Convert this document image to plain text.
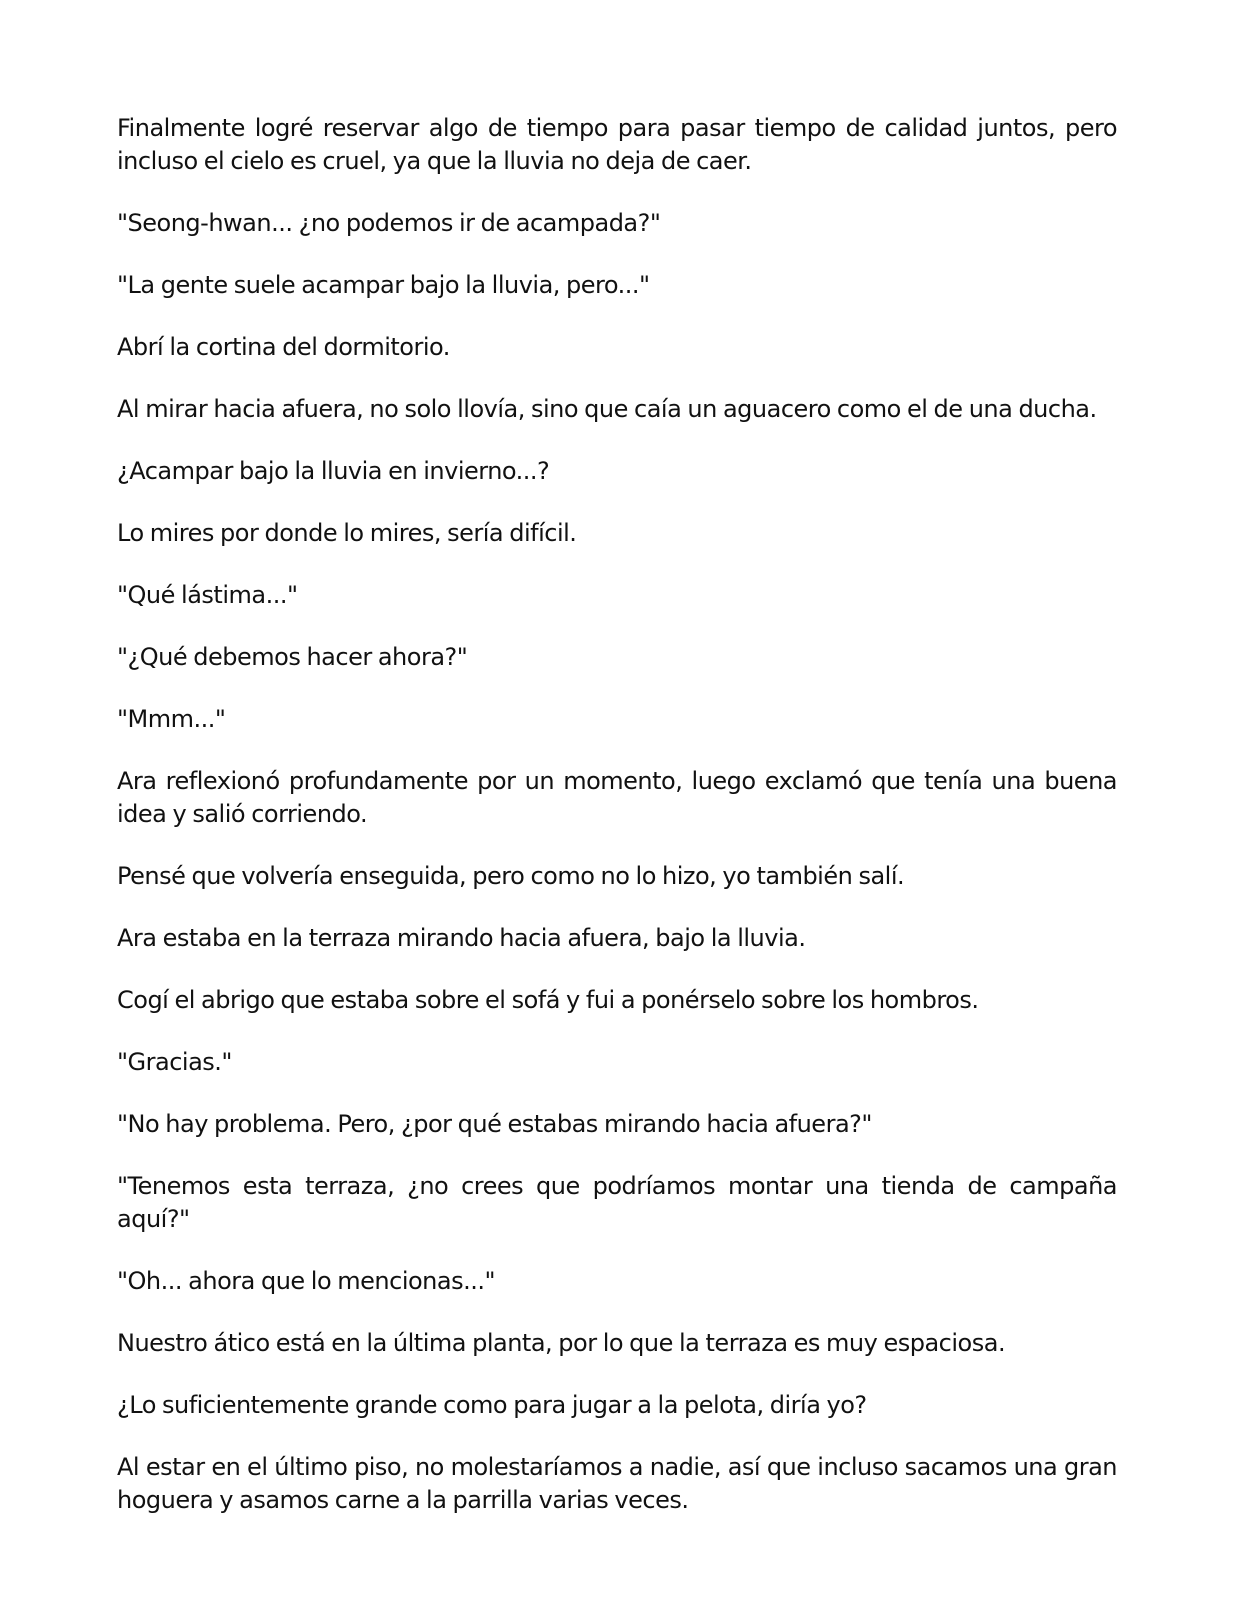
Finalmente logré reservar algo de tiempo para pasar tiempo de calidad juntos, pero incluso el cielo es cruel, ya que la lluvia no deja de caer.

"Seong-hwan... ¿no podemos ir de acampada?"

"La gente suele acampar bajo la lluvia, pero..."

Abrí la cortina del dormitorio.

Al mirar hacia afuera, no solo llovía, sino que caía un aguacero como el de una ducha.

¿Acampar bajo la lluvia en invierno...?

Lo mires por donde lo mires, sería difícil.

"Qué lástima..."

"¿Qué debemos hacer ahora?"

"Mmm..."

Ara reflexionó profundamente por un momento, luego exclamó que tenía una buena idea y salió corriendo.

Pensé que volvería enseguida, pero como no lo hizo, yo también salí.

Ara estaba en la terraza mirando hacia afuera, bajo la lluvia.

Cogí el abrigo que estaba sobre el sofá y fui a ponérselo sobre los hombros.

"Gracias."

"No hay problema. Pero, ¿por qué estabas mirando hacia afuera?"

"Tenemos esta terraza, ¿no crees que podríamos montar una tienda de campaña aquí?"

"Oh... ahora que lo mencionas..."

Nuestro ático está en la última planta, por lo que la terraza es muy espaciosa.

¿Lo suficientemente grande como para jugar a la pelota, diría yo?

Al estar en el último piso, no molestaríamos a nadie, así que incluso sacamos una gran hoguera y asamos carne a la parrilla varias veces.
